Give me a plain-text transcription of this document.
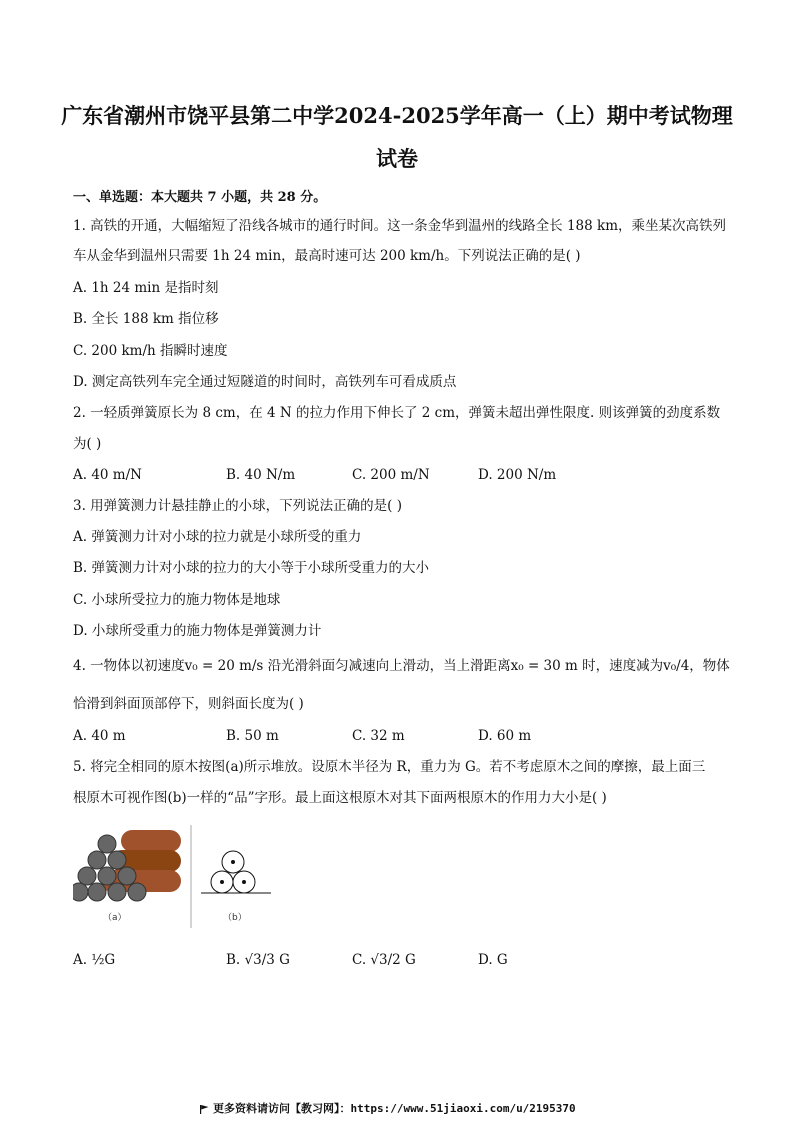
广东省潮州市饶平县第二中学2024-2025学年高一（上）期中考试物理
试卷
一、单选题：本大题共 7 小题，共 28 分。
1. 高铁的开通，大幅缩短了沿线各城市的通行时间。这一条金华到温州的线路全长 188 km，乘坐某次高铁列
车从金华到温州只需要 1h 24 min，最高时速可达 200 km/h。下列说法正确的是( )
A. 1h 24 min 是指时刻
B. 全长 188 km 指位移
C. 200 km/h 指瞬时速度
D. 测定高铁列车完全通过短隧道的时间时，高铁列车可看成质点
2. 一轻质弹簧原长为 8 cm，在 4 N 的拉力作用下伸长了 2 cm，弹簧未超出弹性限度. 则该弹簧的劲度系数
为( )
A. 40 m/N	B. 40 N/m	C. 200 m/N	D. 200 N/m
3. 用弹簧测力计悬挂静止的小球，下列说法正确的是( )
A. 弹簧测力计对小球的拉力就是小球所受的重力
B. 弹簧测力计对小球的拉力的大小等于小球所受重力的大小
C. 小球所受拉力的施力物体是地球
D. 小球所受重力的施力物体是弹簧测力计
4. 一物体以初速度v₀ = 20 m/s 沿光滑斜面匀减速向上滑动，当上滑距离x₀ = 30 m 时，速度减为v₀/4，物体
恰滑到斜面顶部停下，则斜面长度为( )
A. 40 m	B. 50 m	C. 32 m	D. 60 m
5. 将完全相同的原木按图(a)所示堆放。设原木半径为 R，重力为 G。若不考虑原木之间的摩擦，最上面三
根原木可视作图(b)一样的“品”字形。最上面这根原木对其下面两根原木的作用力大小是( )
（a）	（b）
A. ½G	B. √3/3 G	C. √3/2 G	D. G
更多资料请访问【教习网】：https://www.51jiaoxi.com/u/2195370
